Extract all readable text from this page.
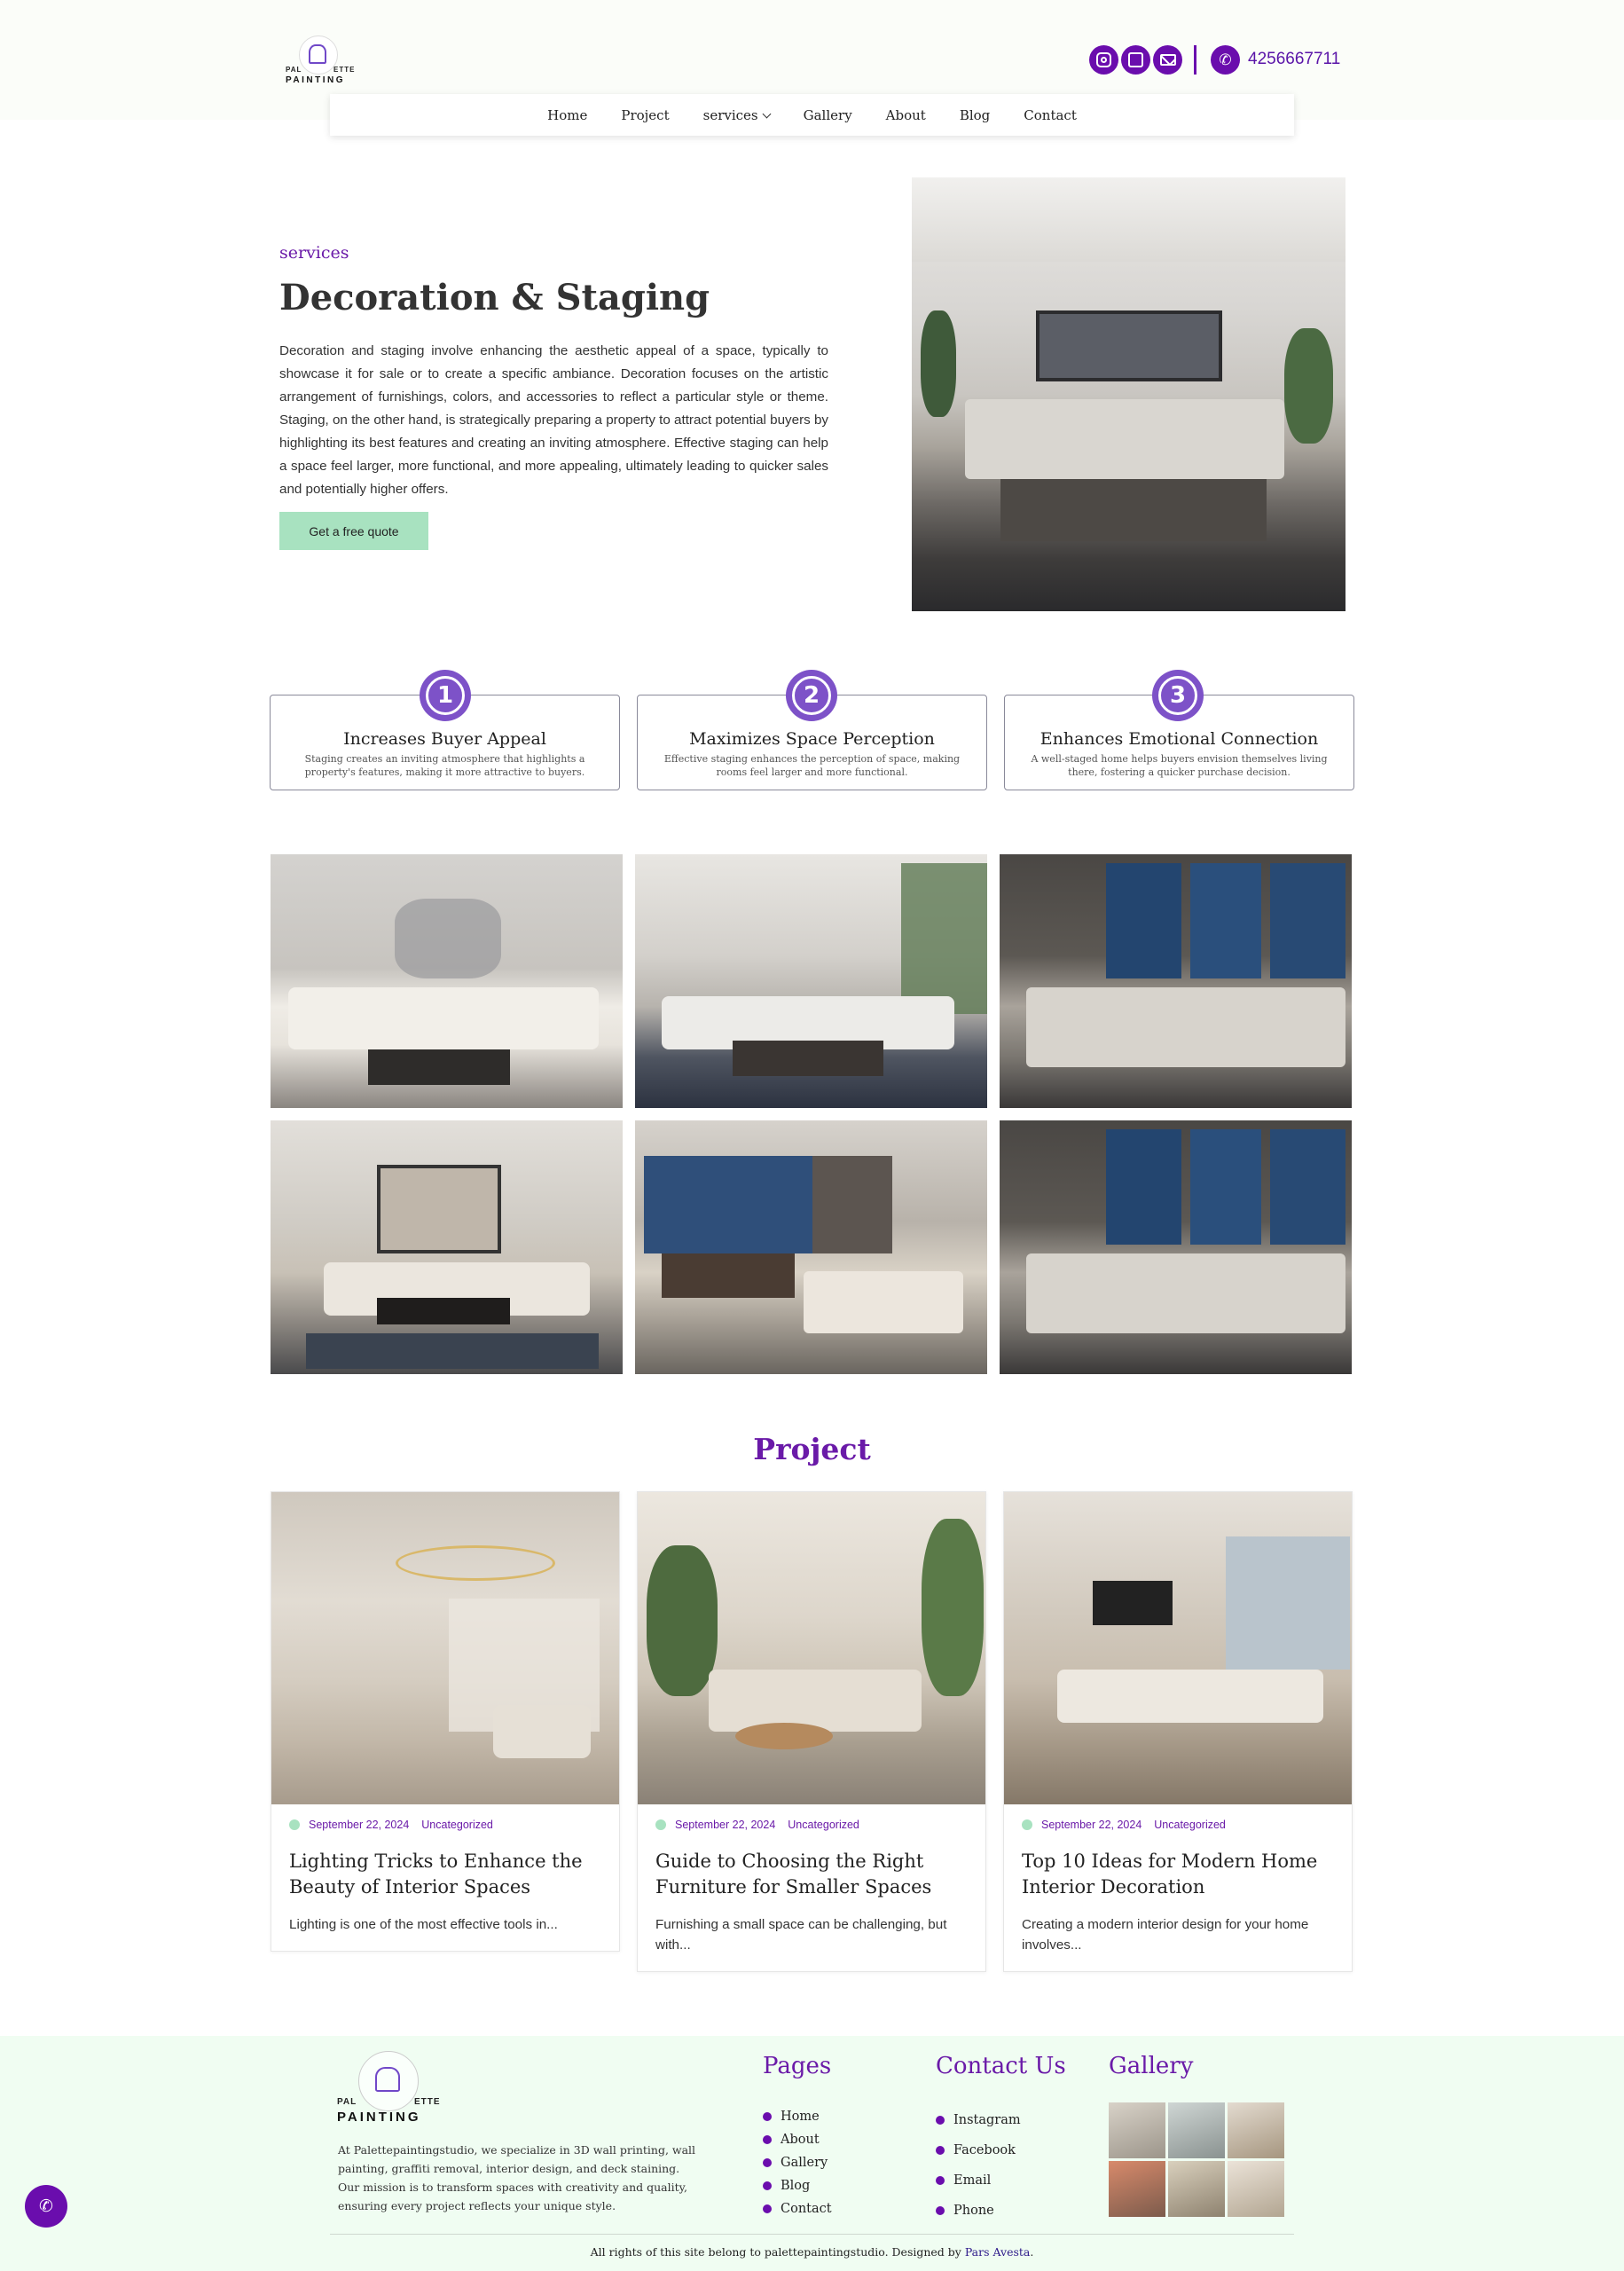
PAL	ETTE
PAINTING
✆ 4256667711
Home	Project	services	Gallery	About	Blog	Contact
services
Decoration & Staging

Decoration and staging involve enhancing the aesthetic appeal of a space, typically to showcase it for sale or to create a specific ambiance. Decoration focuses on the artistic arrangement of furnishings, colors, and accessories to reflect a particular style or theme. Staging, on the other hand, is strategically preparing a property to attract potential buyers by highlighting its best features and creating an inviting atmosphere. Effective staging can help a space feel larger, more functional, and more appealing, ultimately leading to quicker sales and potentially higher offers.

Get a free quote
Increases Buyer Appeal

Staging creates an inviting atmosphere that highlights a property's features, making it more attractive to buyers.

1
Maximizes Space Perception

Effective staging enhances the perception of space, making rooms feel larger and more functional.

2
Enhances Emotional Connection

A well-staged home helps buyers envision themselves living there, fostering a quicker purchase decision.

3
Project
September 22, 2024 Uncategorized
Lighting Tricks to Enhance the Beauty of Interior Spaces

Lighting is one of the most effective tools in...

September 22, 2024 Uncategorized
Guide to Choosing the Right Furniture for Smaller Spaces

Furnishing a small space can be challenging, but with...

September 22, 2024 Uncategorized
Top 10 Ideas for Modern Home Interior Decoration

Creating a modern interior design for your home involves...

PAL	ETTE
PAINTING

At Palettepaintingstudio, we specialize in 3D wall printing, wall painting, graffiti removal, interior design, and deck staining. Our mission is to transform spaces with creativity and quality, ensuring every project reflects your unique style.

Pages
Home
About
Gallery
Blog
Contact
Contact Us
Instagram
Facebook
Email
Phone
Gallery
All rights of this site belong to palettepaintingstudio. Designed by Pars Avesta.
✆
